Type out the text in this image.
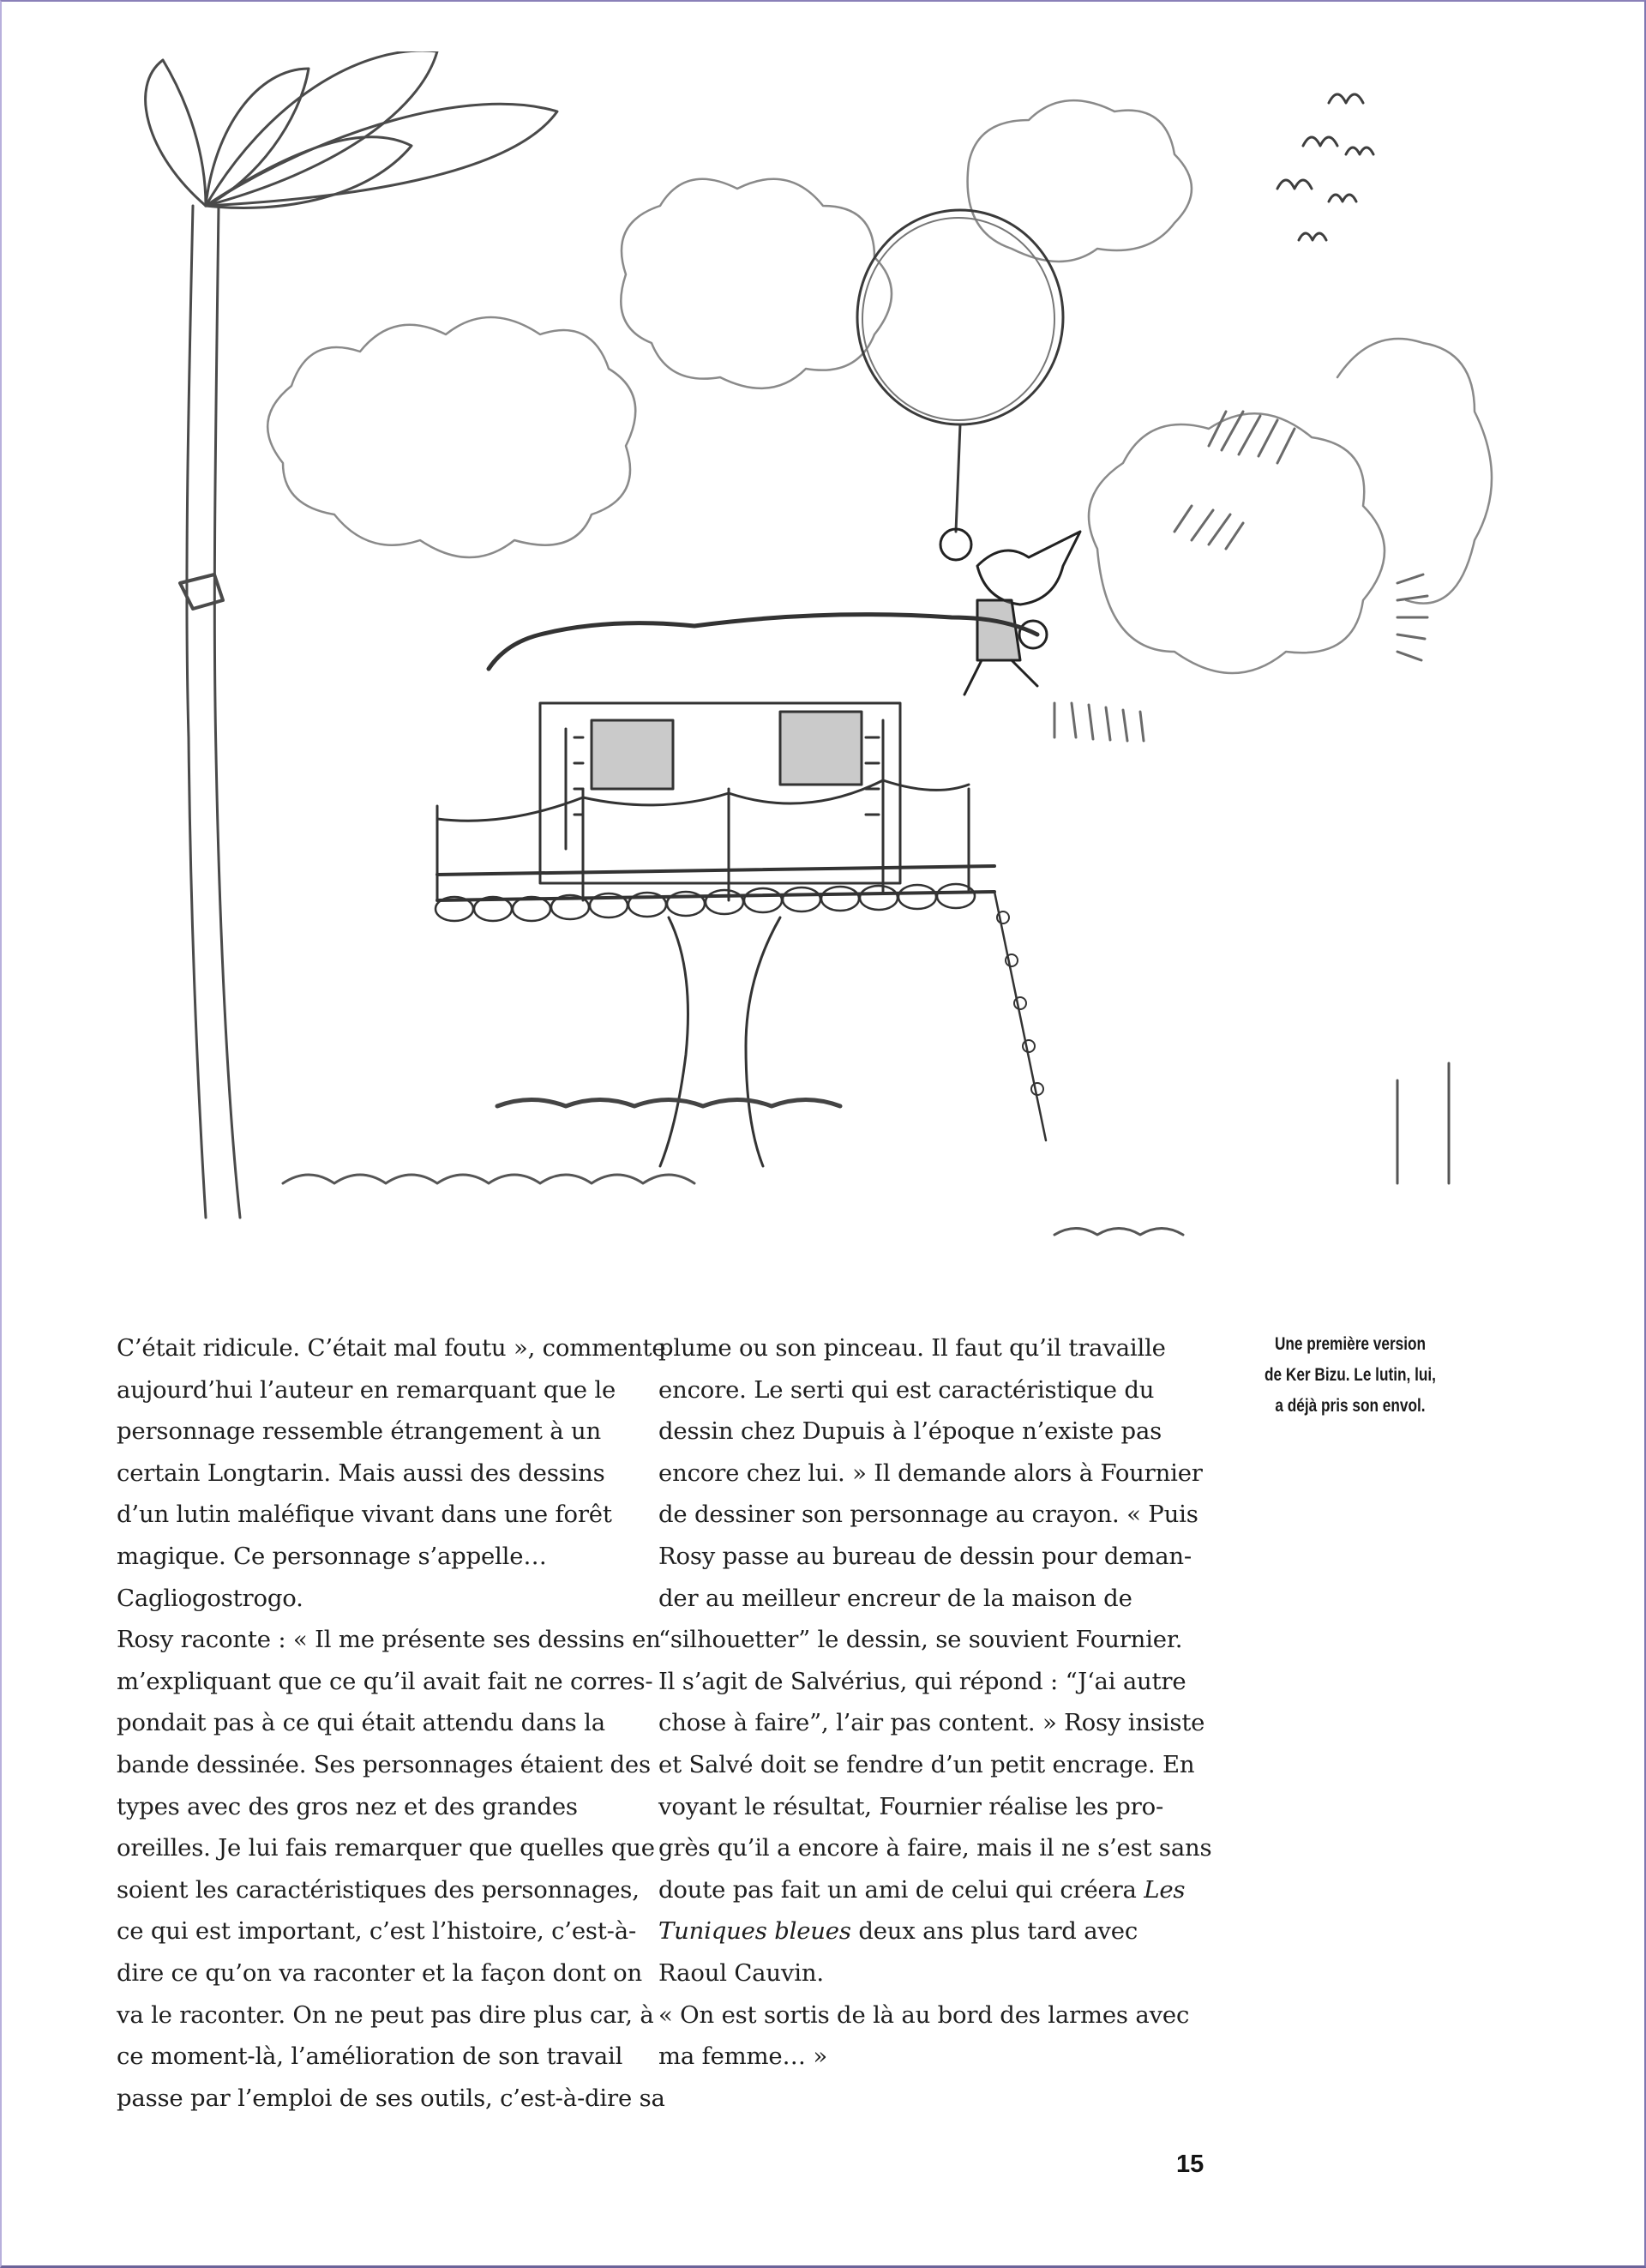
C’était ridicule. C’était mal foutu », commente
aujourd’hui l’auteur en remarquant que le
personnage ressemble étrangement à un
certain Longtarin. Mais aussi des dessins
d’un lutin maléfique vivant dans une forêt
magique. Ce personnage s’appelle…
Cagliogostrogo.
Rosy raconte : « Il me présente ses dessins en
m’expliquant que ce qu’il avait fait ne corres-
pondait pas à ce qui était attendu dans la
bande dessinée. Ses personnages étaient des
types avec des gros nez et des grandes
oreilles. Je lui fais remarquer que quelles que
soient les caractéristiques des personnages,
ce qui est important, c’est l’histoire, c’est-à-
dire ce qu’on va raconter et la façon dont on
va le raconter. On ne peut pas dire plus car, à
ce moment-là, l’amélioration de son travail
passe par l’emploi de ses outils, c’est-à-dire sa
plume ou son pinceau. Il faut qu’il travaille
encore. Le serti qui est caractéristique du
dessin chez Dupuis à l’époque n’existe pas
encore chez lui. » Il demande alors à Fournier
de dessiner son personnage au crayon. « Puis
Rosy passe au bureau de dessin pour deman-
der au meilleur encreur de la maison de
“silhouetter” le dessin, se souvient Fournier.
Il s’agit de Salvérius, qui répond : “J‘ai autre
chose à faire”, l’air pas content. » Rosy insiste
et Salvé doit se fendre d’un petit encrage. En
voyant le résultat, Fournier réalise les pro-
grès qu’il a encore à faire, mais il ne s’est sans
doute pas fait un ami de celui qui créera Les
Tuniques bleues deux ans plus tard avec
Raoul Cauvin.
« On est sortis de là au bord des larmes avec
ma femme… »
Une première version
de Ker Bizu. Le lutin, lui,
a déjà pris son envol.
15
